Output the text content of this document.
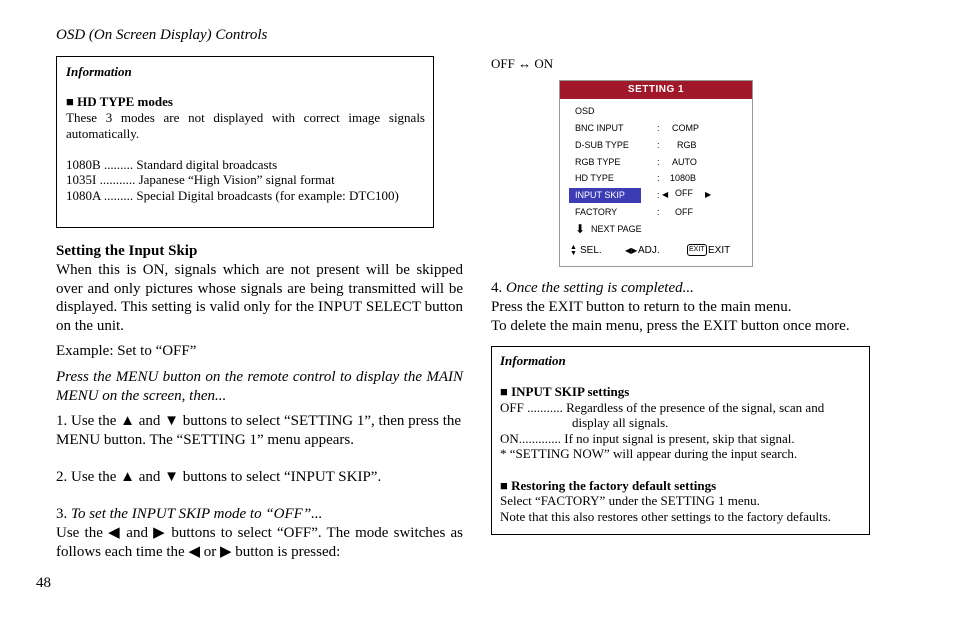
OSD (On Screen Display) Controls
Information
■ HD TYPE modes
These 3 modes are not displayed with correct image signals automatically.
1080B ......... Standard digital broadcasts
1035I ........... Japanese “High Vision” signal format
1080A ......... Special Digital broadcasts (for example: DTC100)
Setting the Input Skip
When this is ON, signals which are not present will be skipped over and only pictures whose signals are being transmitted will be displayed. This setting is valid only for the INPUT SELECT button on the unit.
Example: Set to “OFF”
Press the MENU button on the remote control to display the MAIN MENU on the screen, then...
1. Use the ▲ and ▼ buttons to select “SETTING 1”, then press the MENU button. The “SETTING 1” menu appears.
2. Use the ▲ and ▼ buttons to select “INPUT SKIP”.
3. To set the INPUT SKIP mode to “OFF”...
Use the ◀ and ▶ buttons to select “OFF”. The mode switches as follows each time the ◀ or ▶ button is pressed:
48
OFF ↔ ON
SETTING 1
OSD
BNC INPUT	: COMP
D-SUB TYPE	: RGB
RGB TYPE	: AUTO
HD TYPE	: 1080B
INPUT SKIP	: ◀ OFF ▶
FACTORY	: OFF
⬇ NEXT PAGE
▲
▼ SEL.	◀▶ ADJ.	EXIT EXIT
4. Once the setting is completed...
Press the EXIT button to return to the main menu.
To delete the main menu, press the EXIT button once more.
Information
■ INPUT SKIP settings
OFF ........... Regardless of the presence of the signal, scan and
display all signals.
ON............. If no input signal is present, skip that signal.
* “SETTING NOW” will appear during the input search.
■ Restoring the factory default settings
Select “FACTORY” under the SETTING 1 menu.
Note that this also restores other settings to the factory defaults.
